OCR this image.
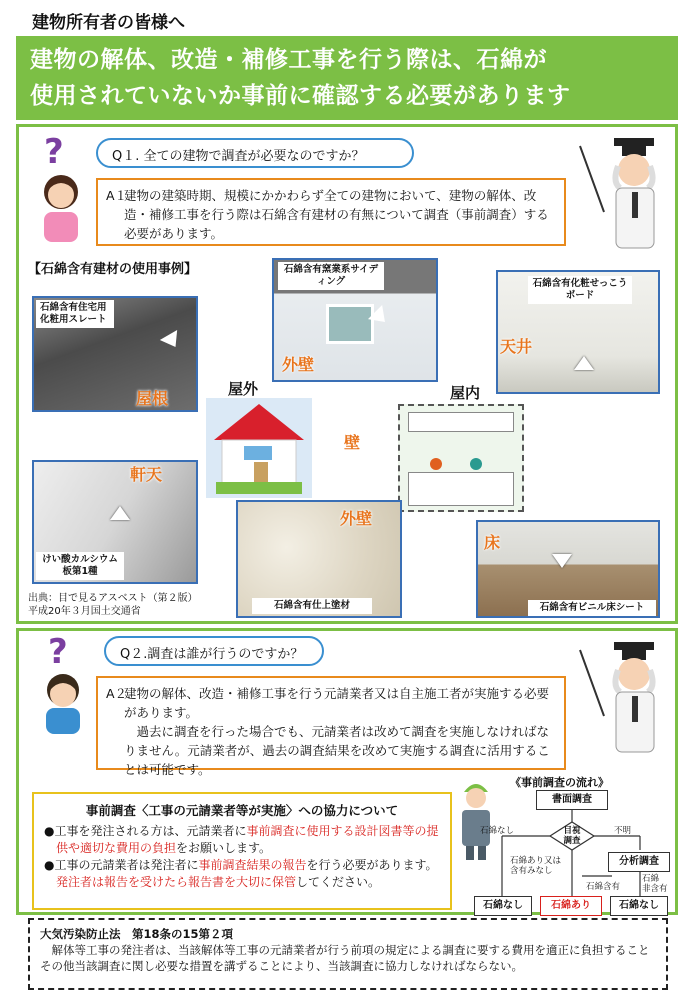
建物所有者の皆様へ
建物の解体、改造・補修工事を行う際は、石綿が
使用されていないか事前に確認する必要があります
?	Q１. 全ての建物で調査が必要なのですか？
A１.
建物の建築時期、規模にかかわらず全ての建物において、建物の解体、改造・補修工事を行う際は石綿含有建材の有無について調査（事前調査）する必要があります。
【石綿含有建材の使用事例】
石綿含有住宅用化粧用スレート
屋根
石綿含有窯業系サイディング
外壁
石綿含有化粧せっこうボード
天井
屋外	屋内
壁
けい酸カルシウム板第1種
軒天
石綿含有仕上塗材
外壁
石綿含有ビニル床シート
床
出典：目で見るアスベスト（第２版）
平成20年３月国土交通省
?	Q２.調査は誰が行うのですか？
A２.
建物の解体、改造・補修工事を行う元請業者又は自主施工者が実施する必要があります。
過去に調査を行った場合でも、元請業者は改めて調査を実施しなければなりません。元請業者が、過去の調査結果を改めて実施する調査に活用することは可能です。
事前調査〈工事の元請業者等が実施〉への協力について
●工事を発注される方は、元請業者に事前調査に使用する設計図書等の提供や適切な費用の負担をお願いします。
●工事の元請業者は発注者に事前調査結果の報告を行う必要があります。発注者は報告を受けたら報告書を大切に保管してください。
《事前調査の流れ》
書面調査
目視
調査
石綿なし	不明
石綿あり又は
含有みなし
分析調査
石綿含有
石綿
非含有
石綿なし	石綿あり	石綿なし
大気汚染防止法　第18条の15第２項
解体等工事の発注者は、当該解体等工事の元請業者が行う前項の規定による調査に要する費用を適正に負担することその他当該調査に関し必要な措置を講ずることにより、当該調査に協力しなければならない。
